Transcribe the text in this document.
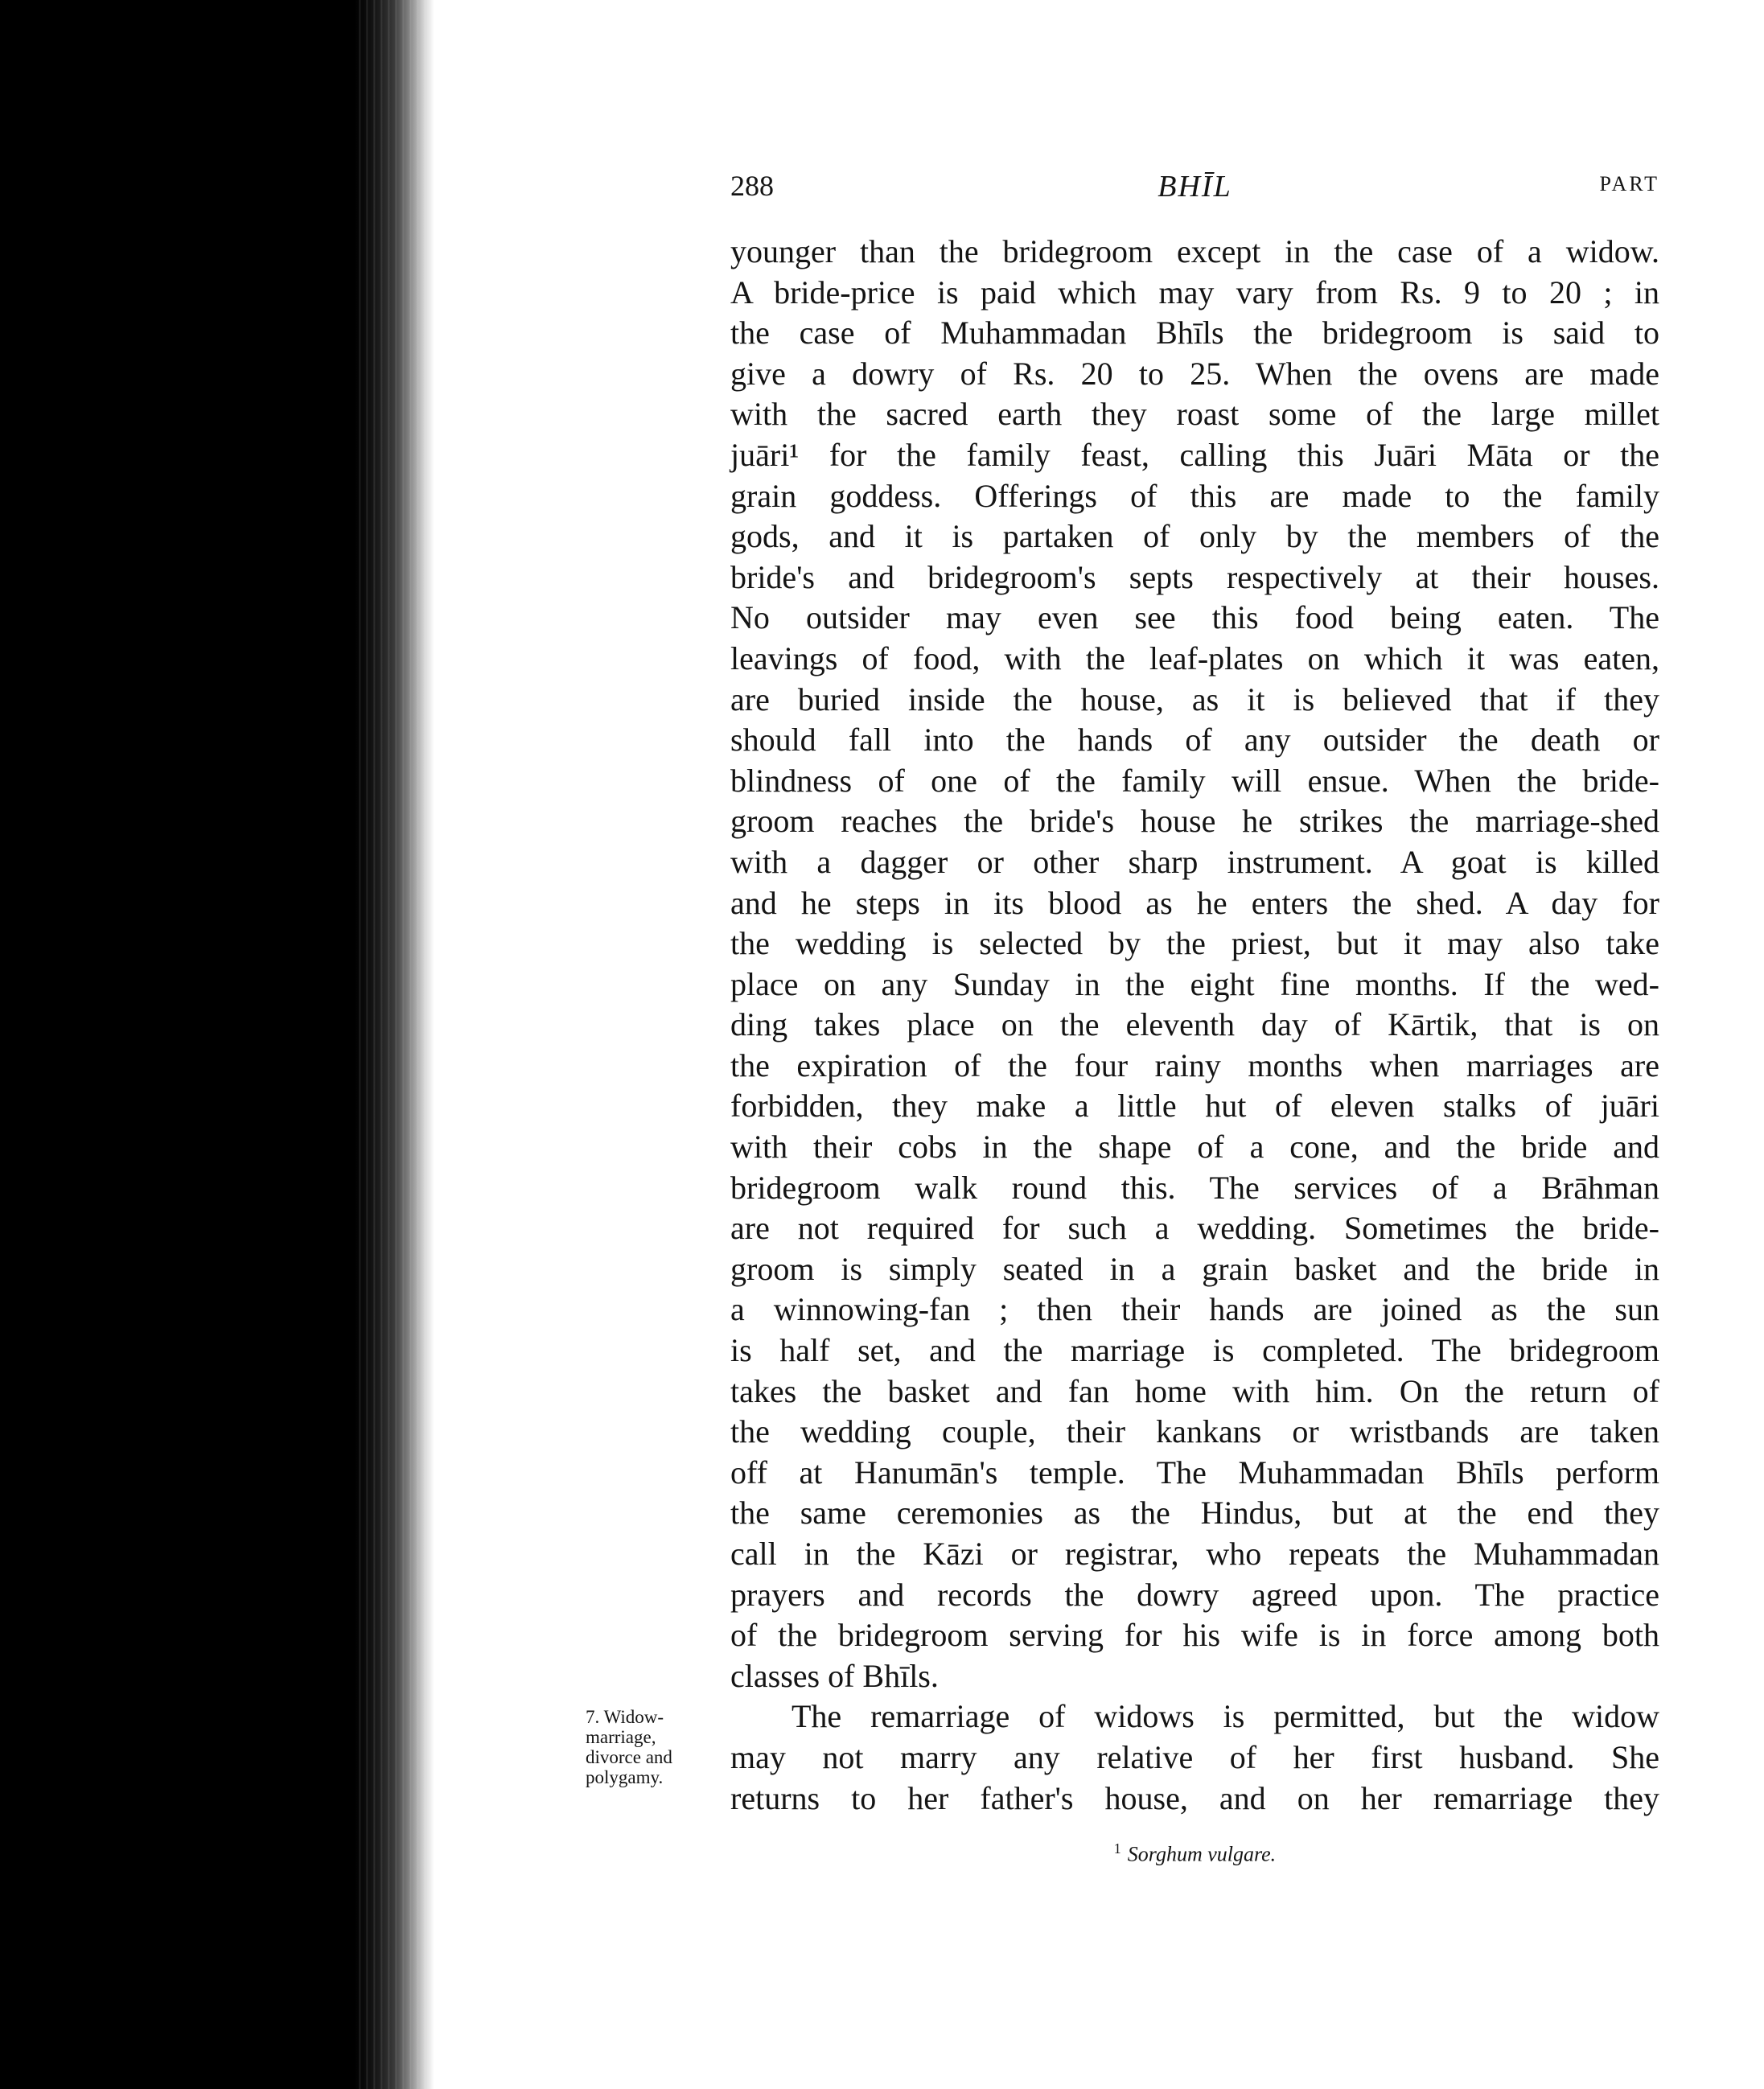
288	BHĪL	PART
younger than the bridegroom except in the case of a widow.
A bride-price is paid which may vary from Rs. 9 to 20 ; in
the case of Muhammadan Bhīls the bridegroom is said to
give a dowry of Rs. 20 to 25. When the ovens are made
with the sacred earth they roast some of the large millet
juāri¹ for the family feast, calling this Juāri Māta or the
grain goddess. Offerings of this are made to the family
gods, and it is partaken of only by the members of the
bride's and bridegroom's septs respectively at their houses.
No outsider may even see this food being eaten. The
leavings of food, with the leaf-plates on which it was eaten,
are buried inside the house, as it is believed that if they
should fall into the hands of any outsider the death or
blindness of one of the family will ensue. When the bride-
groom reaches the bride's house he strikes the marriage-shed
with a dagger or other sharp instrument. A goat is killed
and he steps in its blood as he enters the shed. A day for
the wedding is selected by the priest, but it may also take
place on any Sunday in the eight fine months. If the wed-
ding takes place on the eleventh day of Kārtik, that is on
the expiration of the four rainy months when marriages are
forbidden, they make a little hut of eleven stalks of juāri
with their cobs in the shape of a cone, and the bride and
bridegroom walk round this. The services of a Brāhman
are not required for such a wedding. Sometimes the bride-
groom is simply seated in a grain basket and the bride in
a winnowing-fan ; then their hands are joined as the sun
is half set, and the marriage is completed. The bridegroom
takes the basket and fan home with him. On the return of
the wedding couple, their kankans or wristbands are taken
off at Hanumān's temple. The Muhammadan Bhīls perform
the same ceremonies as the Hindus, but at the end they
call in the Kāzi or registrar, who repeats the Muhammadan
prayers and records the dowry agreed upon. The practice
of the bridegroom serving for his wife is in force among both
classes of Bhīls.
The remarriage of widows is permitted, but the widow
may not marry any relative of her first husband. She
returns to her father's house, and on her remarriage they
7. Widow-
marriage,
divorce and
polygamy.
$^1$ Sorghum vulgare.
